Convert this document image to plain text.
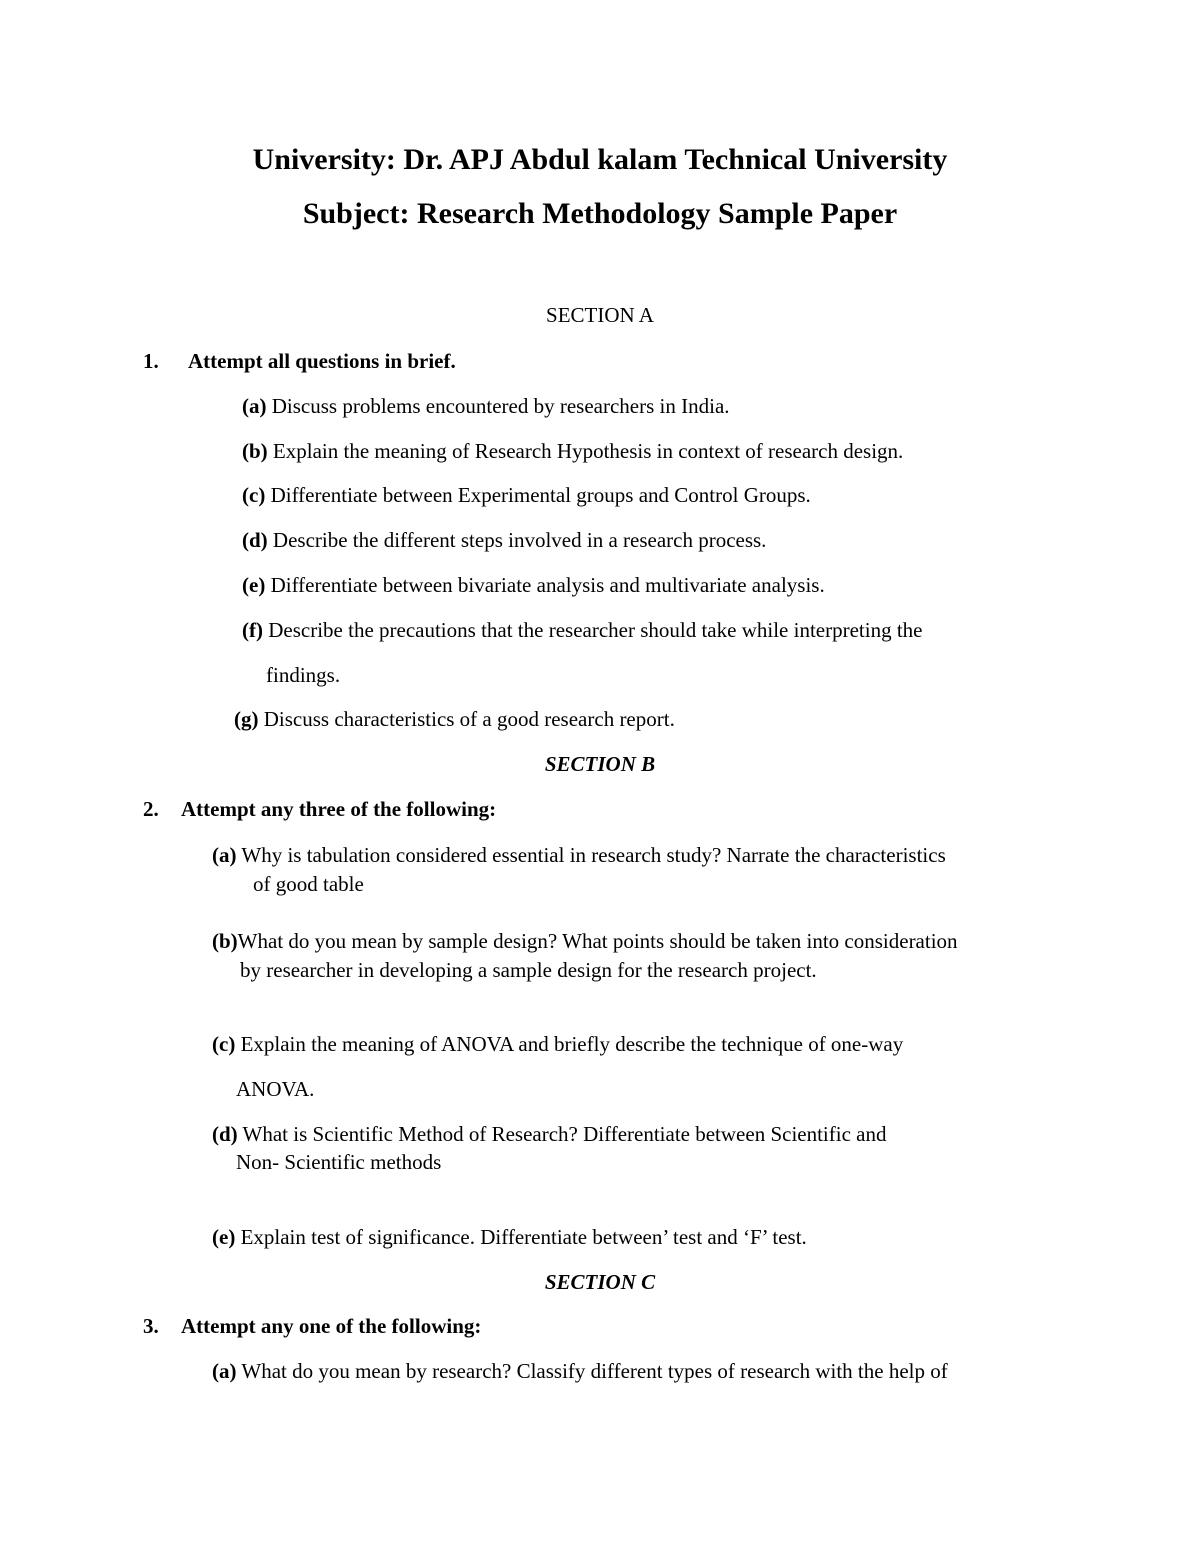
University: Dr. APJ Abdul kalam Technical University
Subject: Research Methodology Sample Paper
SECTION A
1. Attempt all questions in brief.
(a) Discuss problems encountered by researchers in India.
(b) Explain the meaning of Research Hypothesis in context of research design.
(c) Differentiate between Experimental groups and Control Groups.
(d) Describe the different steps involved in a research process.
(e) Differentiate between bivariate analysis and multivariate analysis.
(f) Describe the precautions that the researcher should take while interpreting the
findings.
(g) Discuss characteristics of a good research report.
SECTION B
2. Attempt any three of the following:
(a) Why is tabulation considered essential in research study? Narrate the characteristics
of good table
(b)What do you mean by sample design? What points should be taken into consideration
by researcher in developing a sample design for the research project.
(c) Explain the meaning of ANOVA and briefly describe the technique of one-way
ANOVA.
(d) What is Scientific Method of Research? Differentiate between Scientific and
Non- Scientific methods
(e) Explain test of significance. Differentiate between’ test and ‘F’ test.
SECTION C
3. Attempt any one of the following:
(a) What do you mean by research? Classify different types of research with the help of
